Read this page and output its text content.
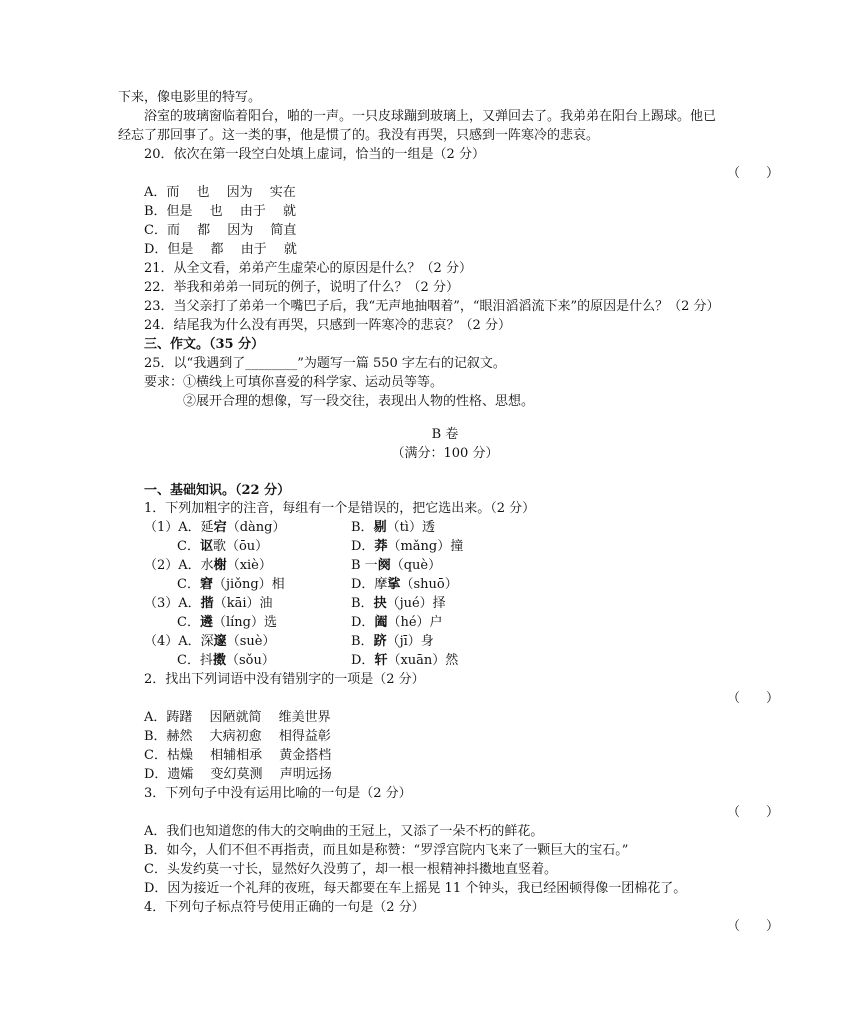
下来，像电影里的特写。
浴室的玻璃窗临着阳台，啪的一声。一只皮球蹦到玻璃上，又弹回去了。我弟弟在阳台上踢球。他已
经忘了那回事了。这一类的事，他是惯了的。我没有再哭，只感到一阵寒冷的悲哀。
20．依次在第一段空白处填上虚词，恰当的一组是（2 分）
（　　）
A．而　 也　 因为　 实在
B．但是　 也　 由于　 就
C．而　 都　 因为　 简直
D．但是　 都　 由于　 就
21．从全文看，弟弟产生虚荣心的原因是什么？（2 分）
22．举我和弟弟一同玩的例子，说明了什么？（2 分）
23．当父亲打了弟弟一个嘴巴子后，我“无声地抽咽着”，“眼泪滔滔流下来”的原因是什么？（2 分）
24．结尾我为什么没有再哭，只感到一阵寒冷的悲哀？（2 分）
三、作文。（35 分）
25．以“我遇到了________”为题写一篇 550 字左右的记叙文。
要求：①横线上可填你喜爱的科学家、运动员等等。
②展开合理的想像，写一段交往，表现出人物的性格、思想。
B 卷
（满分：100 分）
一、基础知识。（22 分）
1．下列加粗字的注音，每组有一个是错误的，把它选出来。（2 分）
（1）A．延宕（dàng）	B．剔（tì）透
C．讴歌（ōu）	D．莽（mǎng）撞
（2）A．水榭（xiè）	B 一阕（què）
C．窘（jiǒng）相	D．摩挲（shuō）
（3）A．揩（kāi）油	B．抉（jué）择
C．遴（líng）选	D．阖（hé）户
（4）A．深邃（suè）	B．跻（jī）身
C．抖擞（sǒu）	D．轩（xuān）然
2．找出下列词语中没有错别字的一项是（2 分）
（　　）
A．踌躇　 因陋就简　 维美世界
B．赫然　 大病初愈　 相得益彰
C．枯燥　 相辅相承　 黄金搭档
D．遗孀　 变幻莫测　 声明远扬
3．下列句子中没有运用比喻的一句是（2 分）
（　　）
A．我们也知道您的伟大的交响曲的王冠上，又添了一朵不朽的鲜花。
B．如今，人们不但不再指责，而且如是称赞：“罗浮宫院内飞来了一颗巨大的宝石。”
C．头发约莫一寸长，显然好久没剪了，却一根一根精神抖擞地直竖着。
D．因为接近一个礼拜的夜班，每天都要在车上摇晃 11 个钟头，我已经困顿得像一团棉花了。
4．下列句子标点符号使用正确的一句是（2 分）
（　　）
